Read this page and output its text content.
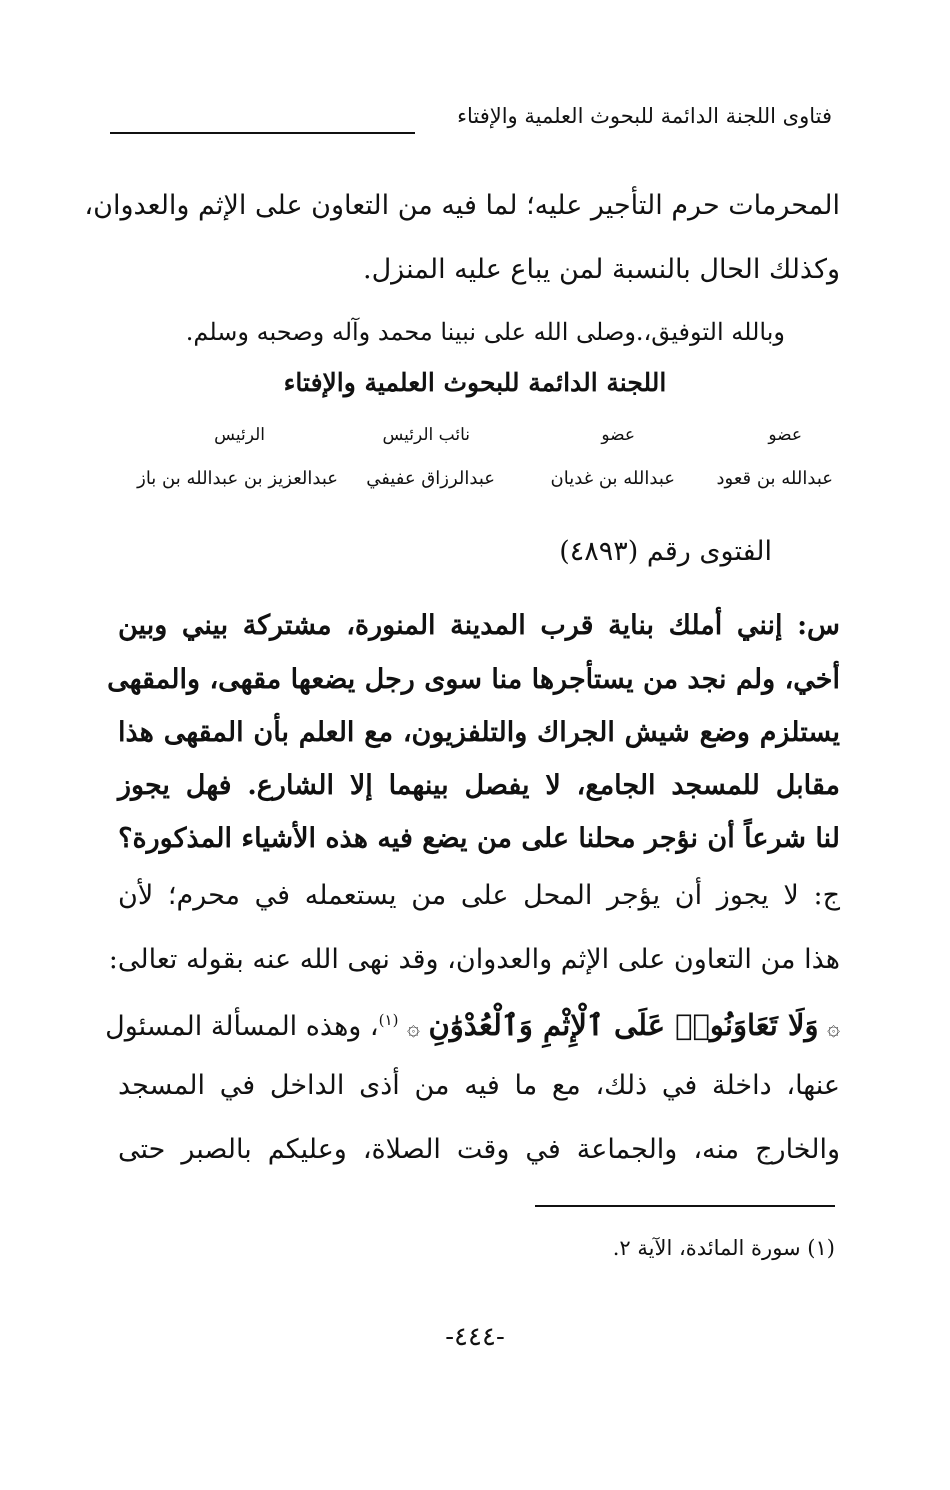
فتاوى اللجنة الدائمة للبحوث العلمية والإفتاء
المحرمات حرم التأجير عليه؛ لما فيه من التعاون على الإثم والعدوان،
وكذلك الحال بالنسبة لمن يباع عليه المنزل.
وبالله التوفيق،.وصلى الله على نبينا محمد وآله وصحبه وسلم.
اللجنة الدائمة للبحوث العلمية والإفتاء
عضو
عضو
نائب الرئيس
الرئيس
عبدالله بن قعود
عبدالله بن غديان
عبدالرزاق عفيفي
عبدالعزيز بن عبدالله بن باز
الفتوى رقم (٤٨٩٣)
س: إنني أملك بناية قرب المدينة المنورة، مشتركة بيني وبين
أخي، ولم نجد من يستأجرها منا سوى رجل يضعها مقهى، والمقهى
يستلزم وضع شيش الجراك والتلفزيون، مع العلم بأن المقهى هذا
مقابل للمسجد الجامع، لا يفصل بينهما إلا الشارع. فهل يجوز
لنا شرعاً أن نؤجر محلنا على من يضع فيه هذه الأشياء المذكورة؟
ج: لا يجوز أن يؤجر المحل على من يستعمله في محرم؛ لأن
هذا من التعاون على الإثم والعدوان، وقد نهى الله عنه بقوله تعالى:
۞ وَلَا تَعَاوَنُوا۟ عَلَى ٱلْإِثْمِ وَٱلْعُدْوَٰنِ ۞ $^{(١)}$، وهذه المسألة المسئول
عنها، داخلة في ذلك، مع ما فيه من أذى الداخل في المسجد
والخارج منه، والجماعة في وقت الصلاة، وعليكم بالصبر حتى
(١) سورة المائدة، الآية ٢.
-٤٤٤-
